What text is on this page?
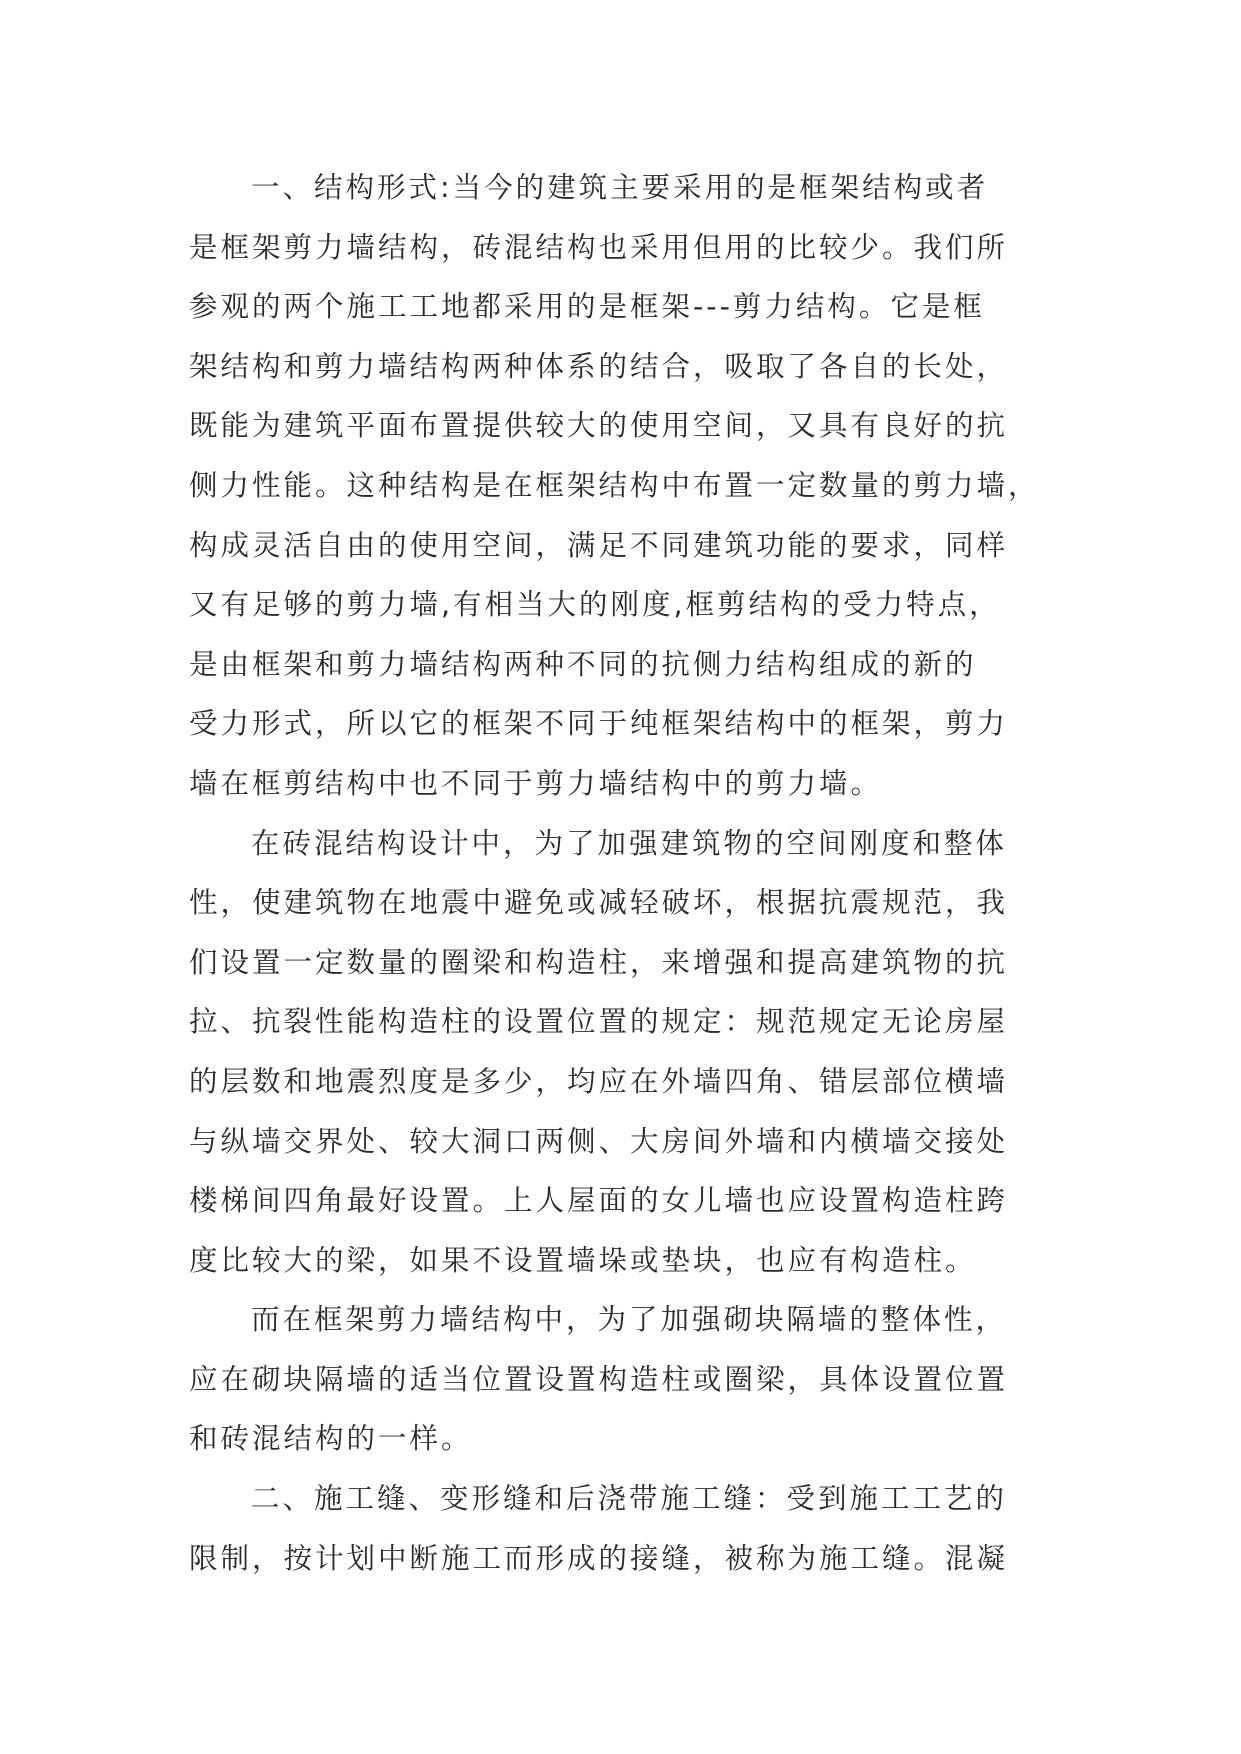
一、结构形式:当今的建筑主要采用的是框架结构或者
是框架剪力墙结构，砖混结构也采用但用的比较少。我们所
参观的两个施工工地都采用的是框架---剪力结构。它是框
架结构和剪力墙结构两种体系的结合，吸取了各自的长处，
既能为建筑平面布置提供较大的使用空间，又具有良好的抗
侧力性能。这种结构是在框架结构中布置一定数量的剪力墙，
构成灵活自由的使用空间，满足不同建筑功能的要求，同样
又有足够的剪力墙,有相当大的刚度,框剪结构的受力特点，
是由框架和剪力墙结构两种不同的抗侧力结构组成的新的
受力形式，所以它的框架不同于纯框架结构中的框架，剪力
墙在框剪结构中也不同于剪力墙结构中的剪力墙。
在砖混结构设计中，为了加强建筑物的空间刚度和整体
性，使建筑物在地震中避免或减轻破坏，根据抗震规范，我
们设置一定数量的圈梁和构造柱，来增强和提高建筑物的抗
拉、抗裂性能构造柱的设置位置的规定：规范规定无论房屋
的层数和地震烈度是多少，均应在外墙四角、错层部位横墙
与纵墙交界处、较大洞口两侧、大房间外墙和内横墙交接处
楼梯间四角最好设置。上人屋面的女儿墙也应设置构造柱跨
度比较大的梁，如果不设置墙垛或垫块，也应有构造柱。
而在框架剪力墙结构中，为了加强砌块隔墙的整体性，
应在砌块隔墙的适当位置设置构造柱或圈梁，具体设置位置
和砖混结构的一样。
二、施工缝、变形缝和后浇带施工缝：受到施工工艺的
限制，按计划中断施工而形成的接缝，被称为施工缝。混凝
